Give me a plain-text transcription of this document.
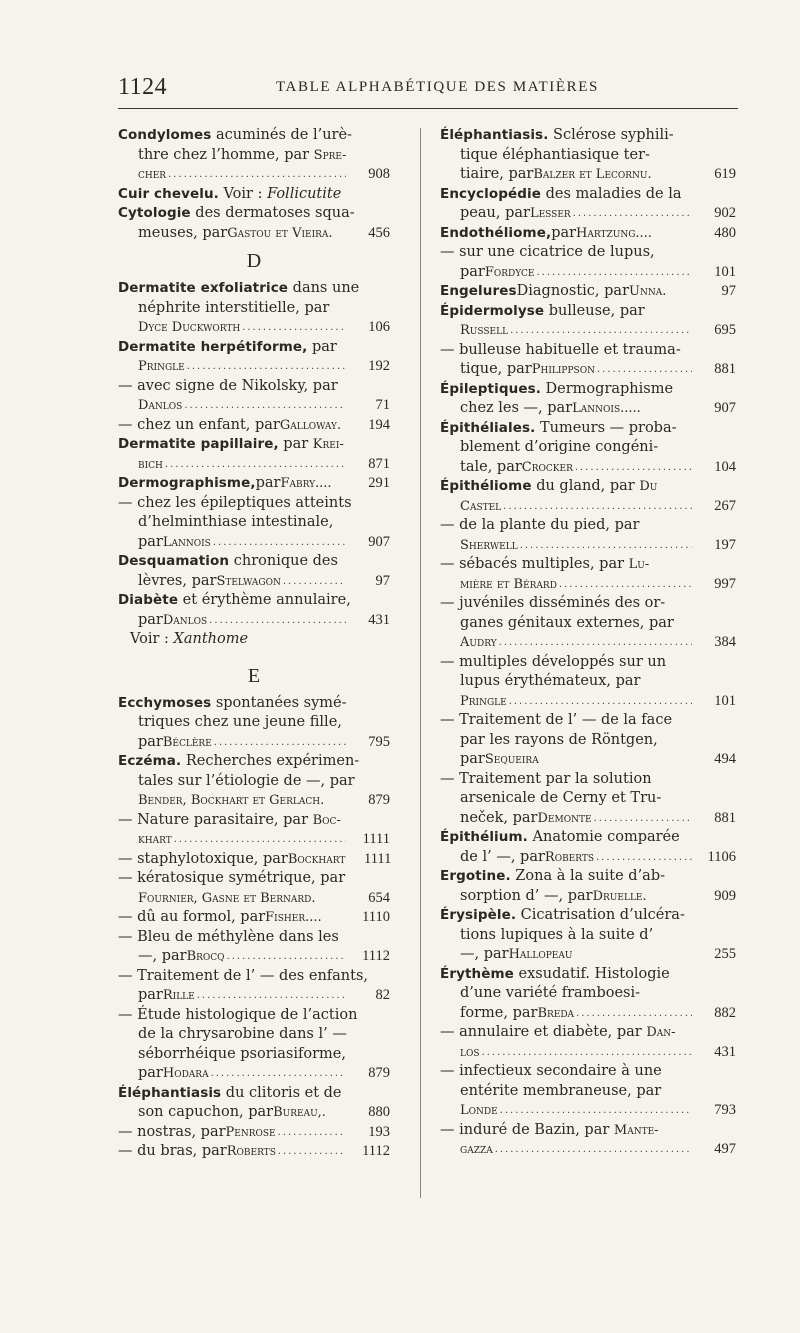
1124	TABLE ALPHABÉTIQUE DES MATIÈRES
Condylomes acuminés de l’urè-
thre chez l’homme, par Spre-
cher .....	908
Cuir chevelu. Voir : Follicutite
Cytologie des dermatoses squa-
meuses, par Gastou et Vieira.	456
D
Dermatite exfoliatrice dans une
néphrite interstitielle, par
Dyce Duckworth .....	106
Dermatite herpétiforme, par
Pringle .....	192
— avec signe de Nikolsky, par
Danlos .....	71
— chez un enfant, par Galloway.	194
Dermatite papillaire, par Krei-
bich .....	871
Dermographisme, par Fabry....	291
— chez les épileptiques atteints
d’helminthiase intestinale,
par Lannois .....	907
Desquamation chronique des
lèvres, par Stelwagon .....	97
Diabète et érythème annulaire,
par Danlos .....	431
Voir : Xanthome
E
Ecchymoses spontanées symé-
triques chez une jeune fille,
par Béclère .....	795
Eczéma. Recherches expérimen-
tales sur l’étiologie de —, par
Bender, Bockhart et Gerlach.	879
— Nature parasitaire, par Boc-
khart .....	1111
— staphylotoxique, par Bockhart	1111
— kératosique symétrique, par
Fournier, Gasne et Bernard.	654
— dû au formol, par Fisher....	1110
— Bleu de méthylène dans les
—, par Brocq .....	1112
— Traitement de l’ — des enfants,
par Rille .....	82
— Étude histologique de l’action
de la chrysarobine dans l’ —
séborrhéique psoriasiforme,
par Hodara .....	879
Éléphantiasis du clitoris et de
son capuchon, par Bureau,.	880
— nostras, par Penrose .....	193
— du bras, par Roberts .....	1112
Éléphantiasis. Sclérose syphili-
tique éléphantiasique ter-
tiaire, par Balzer et Lecornu.	619
Encyclopédie des maladies de la
peau, par Lesser .....	902
Endothéliome, par Hartzung....	480
— sur une cicatrice de lupus,
par Fordyce .....	101
Engelures Diagnostic, par Unna.	97
Épidermolyse bulleuse, par
Russell .....	695
— bulleuse habituelle et trauma-
tique, par Philippson .....	881
Épileptiques. Dermographisme
chez les —, par Lannois.....	907
Épithéliales. Tumeurs — proba-
blement d’origine congéni-
tale, par Crocker .....	104
Épithéliome du gland, par Du
Castel .....	267
— de la plante du pied, par
Sherwell .....	197
— sébacés multiples, par Lu-
mière et Bérard .....	997
— juvéniles disséminés des or-
ganes génitaux externes, par
Audry .....	384
— multiples développés sur un
lupus érythémateux, par
Pringle .....	101
— Traitement de l’ — de la face
par les rayons de Röntgen,
par Sequeira	494
— Traitement par la solution
arsenicale de Cerny et Tru-
neček, par Demonte .....	881
Épithélium. Anatomie comparée
de l’ —, par Roberts .....	1106
Ergotine. Zona à la suite d’ab-
sorption d’ —, par Druelle.	909
Érysipèle. Cicatrisation d’ulcéra-
tions lupiques à la suite d’
—, par Hallopeau	255
Érythème exsudatif. Histologie
d’une variété framboesi-
forme, par Breda .....	882
— annulaire et diabète, par Dan-
los .....	431
— infectieux secondaire à une
entérite membraneuse, par
Londe .....	793
— induré de Bazin, par Mante-
gazza .....	497
